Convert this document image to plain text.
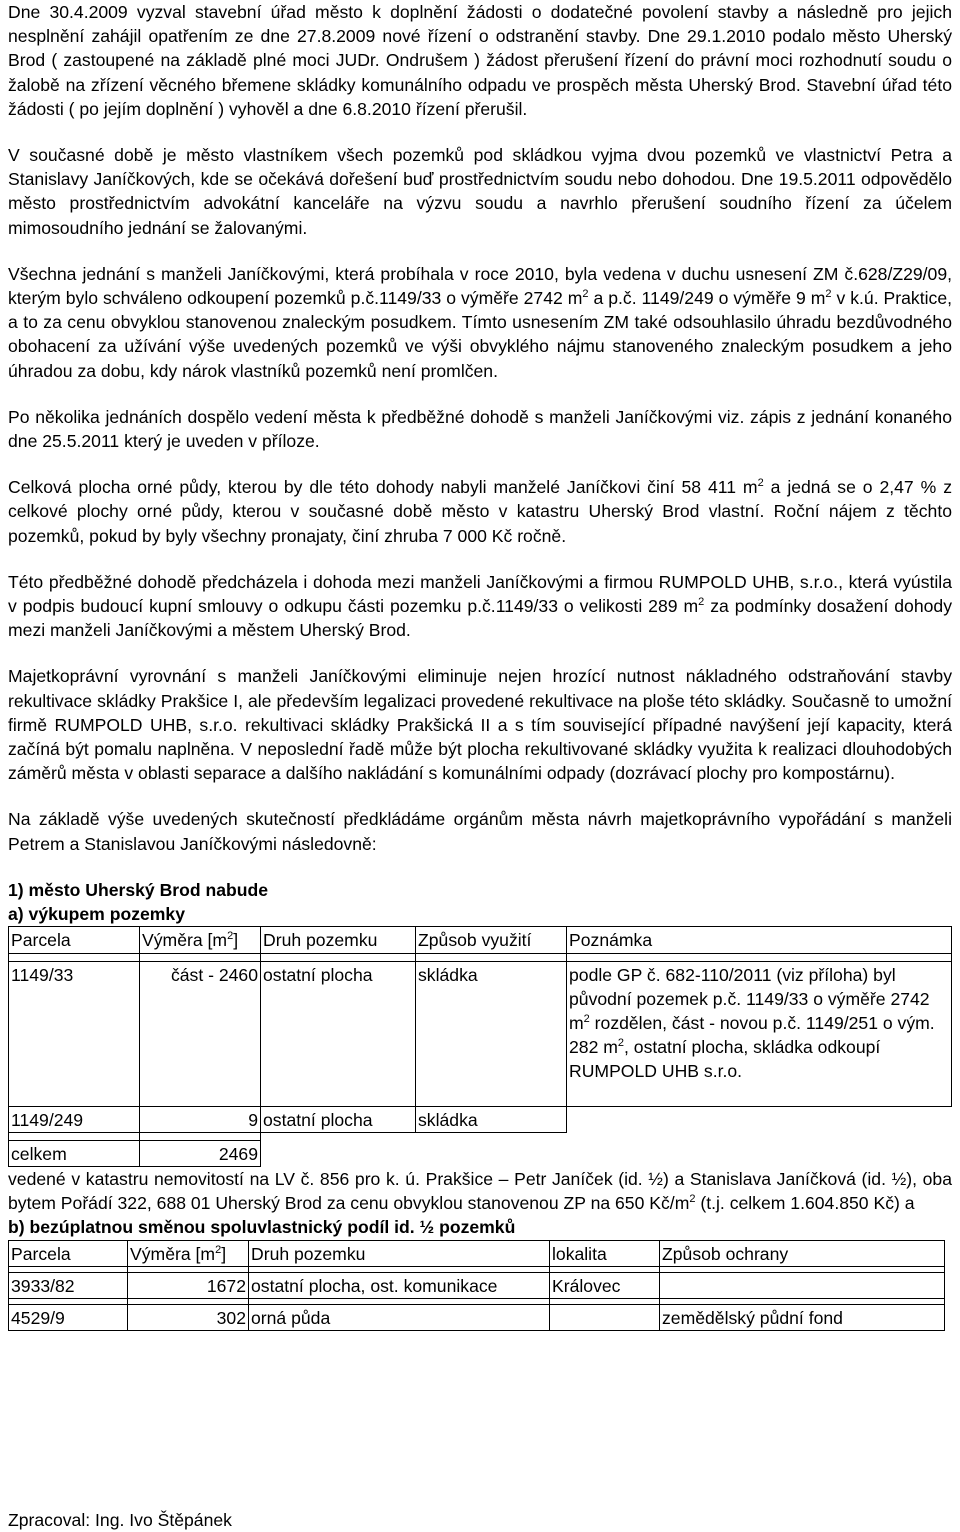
Dne 30.4.2009 vyzval stavební úřad město k doplnění žádosti o dodatečné povolení stavby a následně pro jejich nesplnění zahájil opatřením ze dne 27.8.2009 nové řízení o odstranění stavby. Dne 29.1.2010 podalo město Uherský Brod ( zastoupené na základě plné moci JUDr. Ondrušem ) žádost přerušení řízení do právní moci rozhodnutí soudu o žalobě na zřízení věcného břemene skládky komunálního odpadu ve prospěch města Uherský Brod. Stavební úřad této žádosti ( po jejím doplnění ) vyhověl a dne 6.8.2010 řízení přerušil.

V současné době je město vlastníkem všech pozemků pod skládkou vyjma dvou pozemků ve vlastnictví Petra a Stanislavy Janíčkových, kde se očekává dořešení buď prostřednictvím soudu nebo dohodou. Dne 19.5.2011 odpovědělo město prostřednictvím advokátní kanceláře na výzvu soudu a navrhlo přerušení soudního řízení za účelem mimosoudního jednání se žalovanými.

Všechna jednání s manželi Janíčkovými, která probíhala v roce 2010, byla vedena v duchu usnesení ZM č.628/Z29/09, kterým bylo schváleno odkoupení pozemků p.č.1149/33 o výměře 2742 $m^2$ a p.č. 1149/249 o výměře 9 $m^2$ v k.ú. Praktice, a to za cenu obvyklou stanovenou znaleckým posudkem. Tímto usnesením ZM také odsouhlasilo úhradu bezdůvodného obohacení za užívání výše uvedených pozemků ve výši obvyklého nájmu stanoveného znaleckým posudkem a jeho úhradou za dobu, kdy nárok vlastníků pozemků není promlčen.

Po několika jednáních dospělo vedení města k předběžné dohodě s manželi Janíčkovými viz. zápis z jednání konaného dne 25.5.2011 který je uveden v příloze.

Celková plocha orné půdy, kterou by dle této dohody nabyli manželé Janíčkovi činí 58 411 $m^2$ a jedná se o 2,47 % z celkové plochy orné půdy, kterou v současné době město v katastru Uherský Brod vlastní. Roční nájem z těchto pozemků, pokud by byly všechny pronajaty, činí zhruba 7 000 Kč ročně.

Této předběžné dohodě předcházela i dohoda mezi manželi Janíčkovými a firmou RUMPOLD UHB, s.r.o., která vyústila v podpis budoucí kupní smlouvy o odkupu části pozemku p.č.1149/33 o velikosti 289 $m^2$ za podmínky dosažení dohody mezi manželi Janíčkovými a městem Uherský Brod.

Majetkoprávní vyrovnání s manželi Janíčkovými eliminuje nejen hrozící nutnost nákladného odstraňování stavby rekultivace skládky Prakšice I, ale především legalizaci provedené rekultivace na ploše této skládky. Současně to umožní firmě RUMPOLD UHB, s.r.o. rekultivaci skládky Prakšická II a s tím související případné navýšení její kapacity, která začíná být pomalu naplněna. V neposlední řadě může být plocha rekultivované skládky využita k realizaci dlouhodobých záměrů města v oblasti separace a dalšího nakládání s komunálními odpady (dozrávací plochy pro kompostárnu).

Na základě výše uvedených skutečností předkládáme orgánům města návrh majetkoprávního vypořádání s manželi Petrem a Stanislavou Janíčkovými následovně:

1) město Uherský Brod nabude

a) výkupem pozemky

Parcela	Výměra $[m^2]$	Druh pozemku	Způsob využití	Poznámka

1149/33	část - 2460	ostatní plocha	skládka	podle GP č. 682-110/2011 (viz příloha) byl původní pozemek p.č. 1149/33 o výměře 2742 $m^2$ rozdělen, část - novou p.č. 1149/251 o vým. 282 $m^2$, ostatní plocha, skládka odkoupí RUMPOLD UHB s.r.o.
1149/249	9	ostatní plocha	skládka	

celkem	2469			

vedené v katastru nemovitostí na LV č. 856 pro k. ú. Prakšice – Petr Janíček (id. ½) a Stanislava Janíčková (id. ½), oba bytem Pořádí 322, 688 01 Uherský Brod za cenu obvyklou stanovenou ZP na 650 $Kč/m^2$ (t.j. celkem 1.604.850 Kč) a

b) bezúplatnou směnou spoluvlastnický podíl id. ½ pozemků

Parcela	Výměra $[m^2]$	Druh pozemku	lokalita	Způsob ochrany

3933/82	1672	ostatní plocha, ost. komunikace	Královec	

4529/9	302	orná půda		zemědělský půdní fond

Zpracoval: Ing. Ivo Štěpánek
